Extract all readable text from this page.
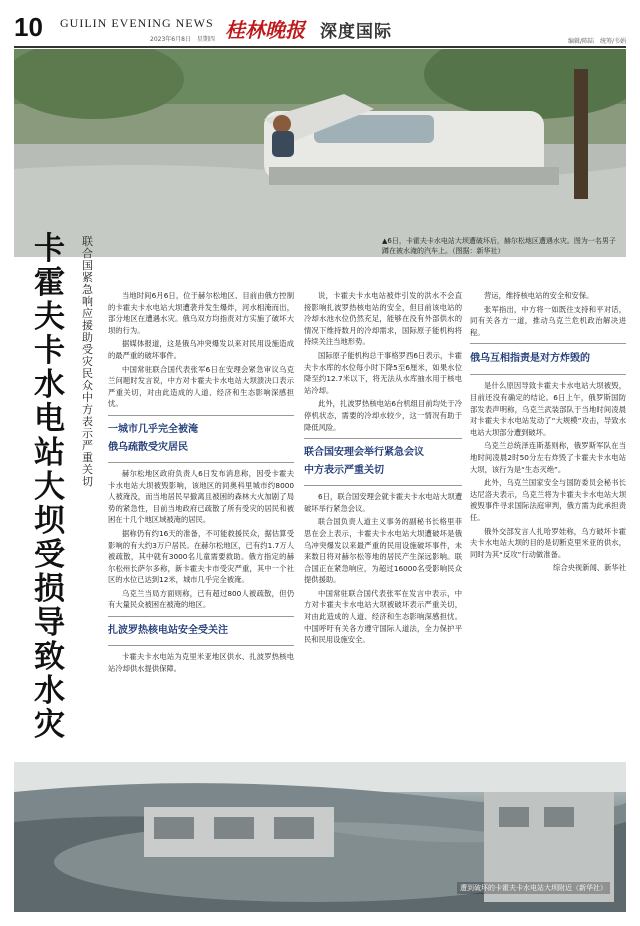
10 GUILIN EVENING NEWS
2023年6月8日　星期四 桂林晚报 深度国际	编辑/陈陆　统筹/韦娟
▲6日，卡霍夫卡水电站大坝遭破坏后，赫尔松地区遭遇水灾。图为一名男子蹲在被水淹的汽车上。（图据：新华社）
卡霍夫卡水电站大坝受损导致水灾
联合国紧急响应援助受灾民众　中方表示严重关切

当地时间6月6日，位于赫尔松地区、目前由俄方控制的卡霍夫卡水电站大坝遭袭并发生爆炸，河水相淹而出，部分地区在遭遇水灾。俄乌双方均指责对方实施了破坏大坝的行为。

据媒体报道，这是俄乌冲突爆发以来对民用设施造成的最严重的破坏事件。

中国常驻联合国代表张军6日在安理会紧急审议乌克兰问题时发言说，中方对卡霍夫卡水电站大坝溃决口表示严重关切，对由此造成的人道、经济和生态影响深感担忧。

一城市几乎完全被淹
俄乌疏散受灾居民

赫尔松地区政府负责人6日发布消息称，因受卡霍夫卡水电站大坝被毁影响，该地区的同奥科里城市约8000人被淹没，而当地居民早撤离且被困的森林大火加剧了局势的紧急性，目前当地政府已疏散了所有受灾的居民和被困在十几个地区域被淹的居民。

据称仍有约16天的准备，不可能救援民众，据估算受影响的有大约3万户居民。在赫尔松地区，已有约1.7万人被疏散，其中就有3000名儿童需要救助。俄方指定的赫尔松州长萨尔多称，新卡霍夫卡市受灾严重，其中一个社区的水位已达到12米，城市几乎完全被淹。

乌克兰当局方面则称，已有超过800人被疏散，但仍有大量民众被困在被淹的地区。

扎波罗热核电站安全受关注

卡霍夫卡水电站为克里米亚地区供水、扎波罗热核电站冷却供水提供保障。

说，卡霍夫卡水电站被炸引发的洪水不会直接影响扎波罗热核电站的安全，但目前该电站的冷却水池水位仍然充足，能够在没有外部供水的情况下维持数月的冷却需求，国际原子能机构将持续关注当地形势。

国际原子能机构总干事格罗西6日表示，卡霍夫卡水库的水位每小时下降5至6厘米，如果水位降至约12.7米以下，将无法从水库抽水用于核电站冷却。

此外，扎波罗热核电站6台机组目前均处于冷停机状态，需要的冷却水较少，这一情况有助于降低风险。

联合国安理会举行紧急会议
中方表示严重关切

6日，联合国安理会就卡霍夫卡水电站大坝遭破坏举行紧急会议。

联合国负责人道主义事务的副秘书长格里菲思在会上表示，卡霍夫卡水电站大坝遭破坏是俄乌冲突爆发以来最严重的民用设施破坏事件，未来数日将对赫尔松等地的居民产生深远影响。联合国正在紧急响应，为超过16000名受影响民众提供援助。

中国常驻联合国代表张军在发言中表示，中方对卡霍夫卡水电站大坝被破坏表示严重关切，对由此造成的人道、经济和生态影响深感担忧。中国呼吁有关各方遵守国际人道法，全力保护平民和民用设施安全。

营运，维持核电站的安全和安保。

张军指出，中方将一如既往支持和平对话，同有关各方一道，推动乌克兰危机政治解决进程。

俄乌互相指责是对方炸毁的

是什么原因导致卡霍夫卡水电站大坝被毁，目前还没有确定的结论。6日上午，俄罗斯国防部发表声明称，乌克兰武装部队于当地时间凌晨对卡霍夫卡水电站发动了“大规模”攻击，导致水电站大坝部分遭到破坏。

乌克兰总统泽连斯基则称，俄罗斯军队在当地时间凌晨2时50分左右炸毁了卡霍夫卡水电站大坝，该行为是“生态灭绝”。

此外，乌克兰国家安全与国防委员会秘书长达尼洛夫表示，乌克兰将为卡霍夫卡水电站大坝被毁事件寻求国际法庭审判，俄方需为此承担责任。

俄外交部发言人扎哈罗娃称，乌方破坏卡霍夫卡水电站大坝的目的是切断克里米亚的供水，同时为其“反攻”行动做准备。

综合央视新闻、新华社
遭到破坏的卡霍夫卡水电站大坝附近（新华社）
